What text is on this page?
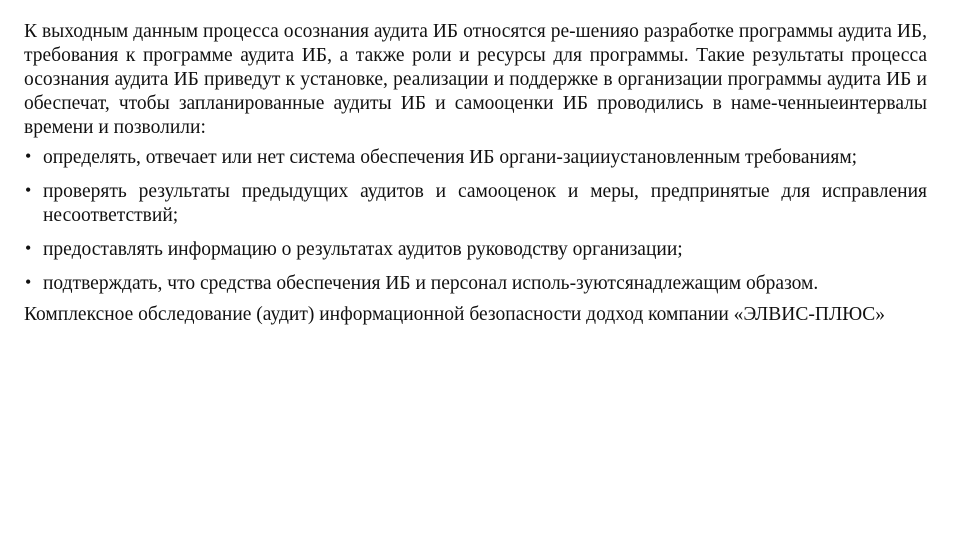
К выходным данным процесса осознания аудита ИБ относятся ре-шенияо разработке программы аудита ИБ, требования к программе аудита ИБ, а также роли и ресурсы для программы. Такие результаты процесса осознания аудита ИБ приведут к установке, реализации и поддержке в организации программы аудита ИБ и обеспечат, чтобы запланированные аудиты ИБ и самооценки ИБ проводились в наме-ченныеинтервалы времени и позволили:

• определять, отвечает или нет система обеспечения ИБ органи-зацииустановленным требованиям;
• проверять результаты предыдущих аудитов и самооценок и меры, предпринятые для исправления несоответствий;
• предоставлять информацию о результатах аудитов руководству организации;
• подтверждать, что средства обеспечения ИБ и персонал исполь-зуютсянадлежащим образом.

Комплексное обследование (аудит) информационной безопасности додход компании «ЭЛВИС-ПЛЮС»
